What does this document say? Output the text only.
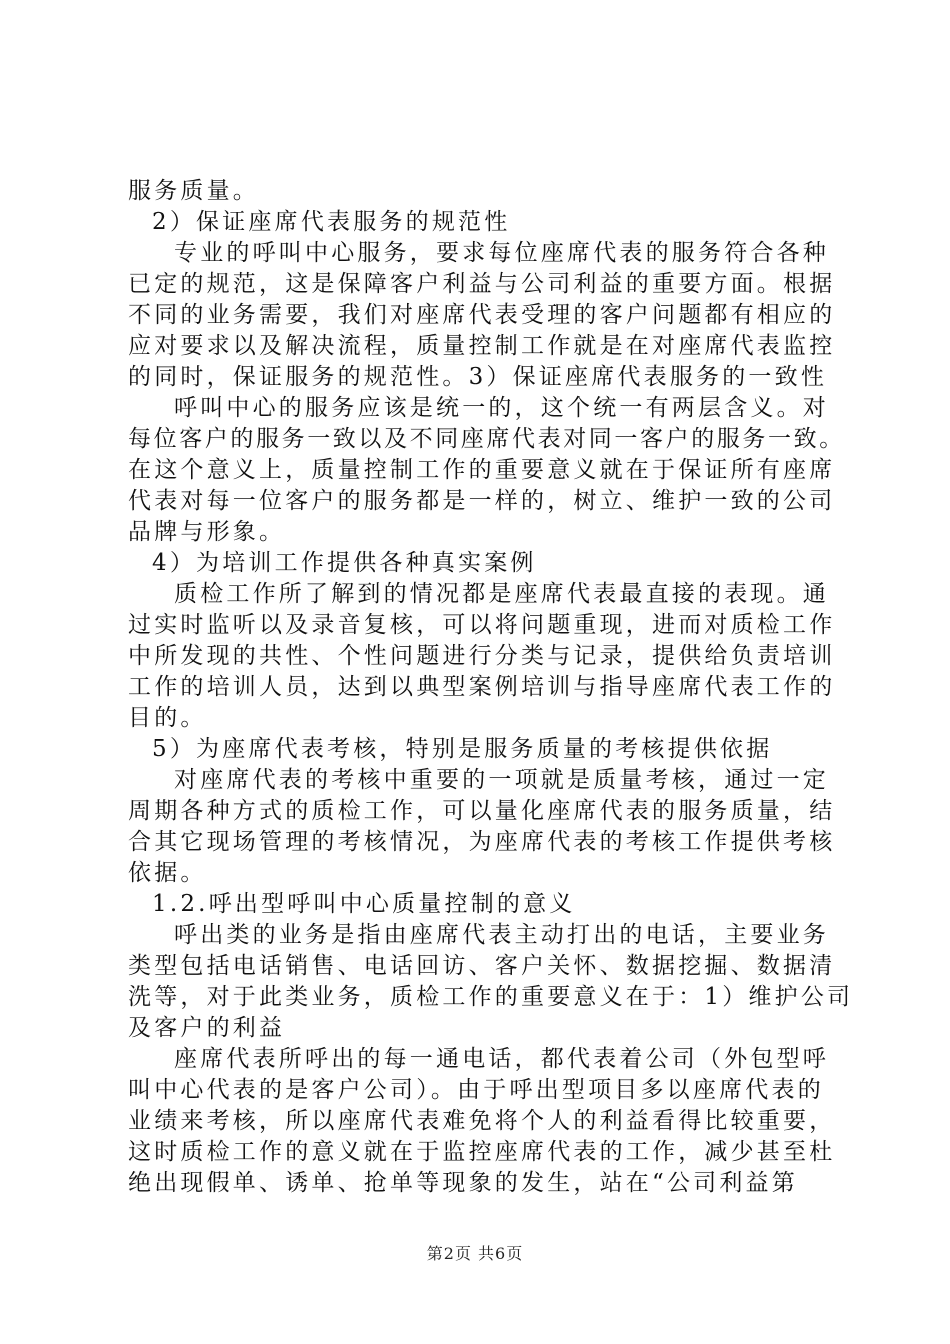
服务质量。
2）保证座席代表服务的规范性
专业的呼叫中心服务，要求每位座席代表的服务符合各种
已定的规范，这是保障客户利益与公司利益的重要方面。根据
不同的业务需要，我们对座席代表受理的客户问题都有相应的
应对要求以及解决流程，质量控制工作就是在对座席代表监控
的同时，保证服务的规范性。3）保证座席代表服务的一致性
呼叫中心的服务应该是统一的，这个统一有两层含义。对
每位客户的服务一致以及不同座席代表对同一客户的服务一致。
在这个意义上，质量控制工作的重要意义就在于保证所有座席
代表对每一位客户的服务都是一样的，树立、维护一致的公司
品牌与形象。
4）为培训工作提供各种真实案例
质检工作所了解到的情况都是座席代表最直接的表现。通
过实时监听以及录音复核，可以将问题重现，进而对质检工作
中所发现的共性、个性问题进行分类与记录，提供给负责培训
工作的培训人员，达到以典型案例培训与指导座席代表工作的
目的。
5）为座席代表考核，特别是服务质量的考核提供依据
对座席代表的考核中重要的一项就是质量考核，通过一定
周期各种方式的质检工作，可以量化座席代表的服务质量，结
合其它现场管理的考核情况，为座席代表的考核工作提供考核
依据。
1.2.呼出型呼叫中心质量控制的意义
呼出类的业务是指由座席代表主动打出的电话，主要业务
类型包括电话销售、电话回访、客户关怀、数据挖掘、数据清
洗等，对于此类业务，质检工作的重要意义在于：1）维护公司
及客户的利益
座席代表所呼出的每一通电话，都代表着公司（外包型呼
叫中心代表的是客户公司）。由于呼出型项目多以座席代表的
业绩来考核，所以座席代表难免将个人的利益看得比较重要，
这时质检工作的意义就在于监控座席代表的工作，减少甚至杜
绝出现假单、诱单、抢单等现象的发生，站在“公司利益第
第2页 共6页
